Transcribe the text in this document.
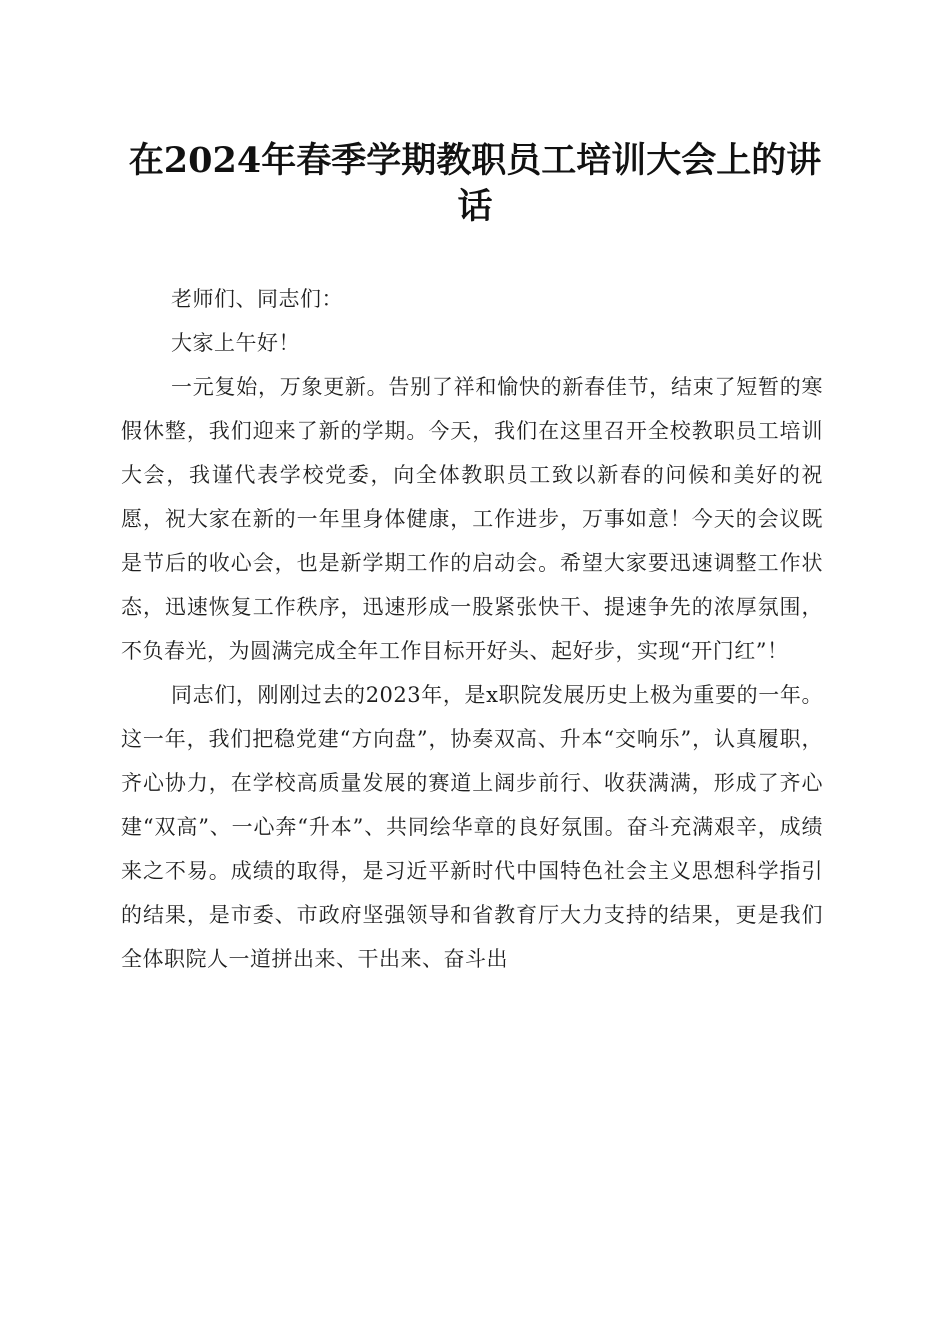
在2024年春季学期教职员工培训大会上的讲话

老师们、同志们：

大家上午好！

一元复始，万象更新。告别了祥和愉快的新春佳节，结束了短暂的寒假休整，我们迎来了新的学期。今天，我们在这里召开全校教职员工培训大会，我谨代表学校党委，向全体教职员工致以新春的问候和美好的祝愿，祝大家在新的一年里身体健康，工作进步，万事如意！今天的会议既是节后的收心会，也是新学期工作的启动会。希望大家要迅速调整工作状态，迅速恢复工作秩序，迅速形成一股紧张快干、提速争先的浓厚氛围，不负春光，为圆满完成全年工作目标开好头、起好步，实现“开门红”！

同志们，刚刚过去的2023年，是x职院发展历史上极为重要的一年。这一年，我们把稳党建“方向盘”，协奏双高、升本“交响乐”，认真履职，齐心协力，在学校高质量发展的赛道上阔步前行、收获满满，形成了齐心建“双高”、一心奔“升本”、共同绘华章的良好氛围。奋斗充满艰辛，成绩来之不易。成绩的取得，是习近平新时代中国特色社会主义思想科学指引的结果，是市委、市政府坚强领导和省教育厅大力支持的结果，更是我们全体职院人一道拼出来、干出来、奋斗出
